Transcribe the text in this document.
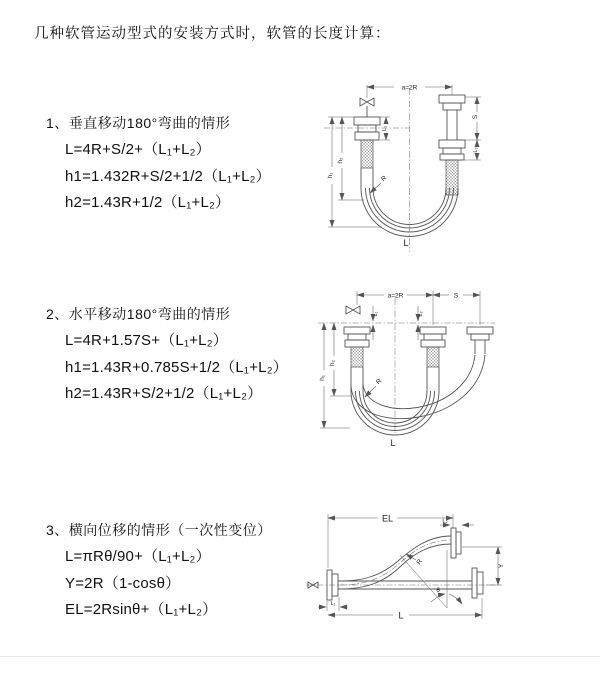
几种软管运动型式的安装方式时，软管的长度计算：
1、垂直移动180°弯曲的情形
L=4R+S/2+（L₁+L₂）
h1=1.432R+S/2+1/2（L₁+L₂）
h2=1.43R+1/2（L₁+L₂）
2、水平移动180°弯曲的情形
L=4R+1.57S+（L₁+L₂）
h1=1.43R+0.785S+1/2（L₁+L₂）
h2=1.43R+S/2+1/2（L₁+L₂）
3、横向位移的情形（一次性变位）
L=πRθ/90+（L₁+L₂）
Y=2R（1-cosθ）
EL=2Rsinθ+（L₁+L₂）
a=2R
h₁
h₂
L₁
S
L₂
R
L
a=2R	S
h₁
h₂
L₁	L₂
R
L
EL	L₂
θ
R	Y
L₁
L
